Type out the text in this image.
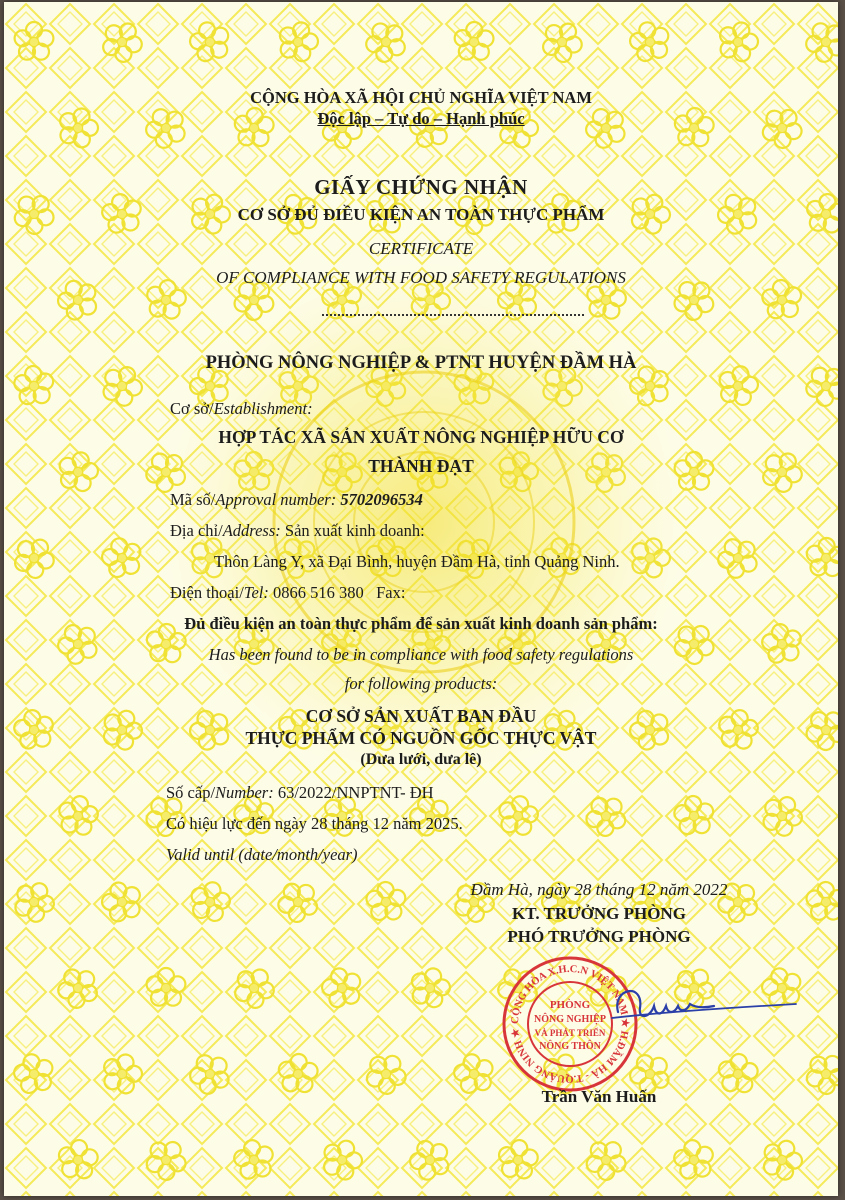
CỘNG HÒA XÃ HỘI CHỦ NGHĨA VIỆT NAM
Độc lập – Tự do – Hạnh phúc
GIẤY CHỨNG NHẬN
CƠ SỞ ĐỦ ĐIỀU KIỆN AN TOÀN THỰC PHẨM
CERTIFICATE
OF COMPLIANCE WITH FOOD SAFETY REGULATIONS
PHÒNG NÔNG NGHIỆP & PTNT HUYỆN ĐẦM HÀ
Cơ sở/Establishment:
HỢP TÁC XÃ SẢN XUẤT NÔNG NGHIỆP HỮU CƠ
THÀNH ĐẠT
Mã số/Approval number: 5702096534
Địa chỉ/Address: Sản xuất kinh doanh:
Thôn Làng Y, xã Đại Bình, huyện Đầm Hà, tỉnh Quảng Ninh.
Điện thoại/Tel: 0866 516 380 Fax:
Đủ điều kiện an toàn thực phẩm để sản xuất kinh doanh sản phẩm:
Has been found to be in compliance with food safety regulations
for following products:
CƠ SỞ SẢN XUẤT BAN ĐẦU
THỰC PHẨM CÓ NGUỒN GỐC THỰC VẬT
(Dưa lưới, dưa lê)
Số cấp/Number: 63/2022/NNPTNT- ĐH
Có hiệu lực đến ngày 28 tháng 12 năm 2025.
Valid until (date/month/year)
Đầm Hà, ngày 28 tháng 12 năm 2022
KT. TRƯỞNG PHÒNG
PHÓ TRƯỞNG PHÒNG
CỘNG HÒA X.H.C.N VIỆT NAM ★ H.ĐẦM HÀ - T.QUẢNG NINH ★
PHÒNG
NÔNG NGHIỆP
VÀ PHÁT TRIỂN
NÔNG THÔN
Trần Văn Huấn
